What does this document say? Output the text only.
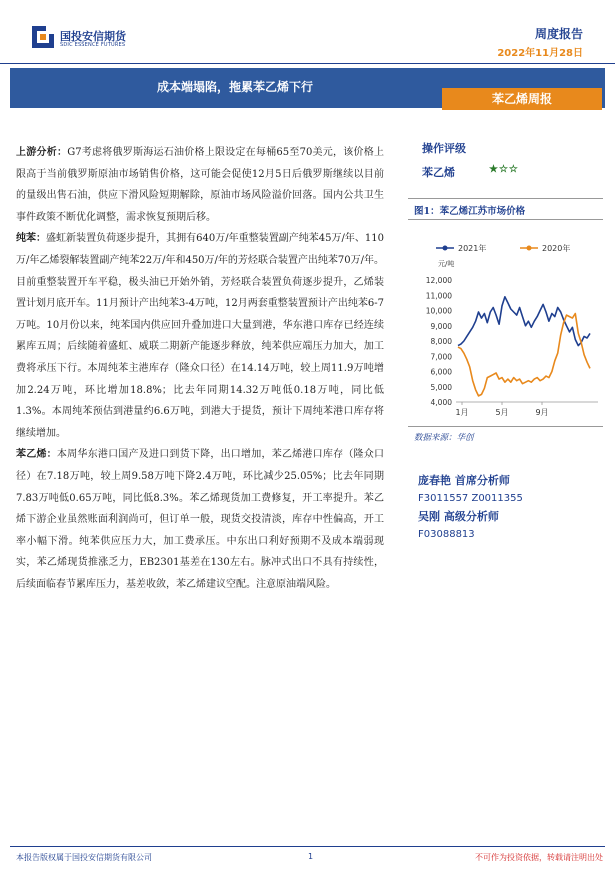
国投安信期货
SDIC ESSENCE FUTURES
周度报告
2022年11月28日
成本端塌陷，拖累苯乙烯下行
苯乙烯周报

上游分析：G7考虑将俄罗斯海运石油价格上限设定在每桶65至70美元，该价格上限高于当前俄罗斯原油市场销售价格，这可能会促使12月5日后俄罗斯继续以目前的量级出售石油，供应下滑风险短期解除，原油市场风险溢价回落。国内公共卫生事件政策不断优化调整，需求恢复预期后移。

纯苯：盛虹新装置负荷逐步提升，其拥有640万/年重整装置副产纯苯45万/年、110万/年乙烯裂解装置副产纯苯22万/年和450万/年的芳烃联合装置产出纯苯70万/年。目前重整装置开车平稳，极头油已开始外销，芳烃联合装置负荷逐步提升，乙烯装置计划月底开车。11月预计产出纯苯3-4万吨，12月两套重整装置预计产出纯苯6-7万吨。10月份以来，纯苯国内供应回升叠加进口大量到港，华东港口库存已经连续累库五周；后续随着盛虹、威联二期新产能逐步释放，纯苯供应端压力加大，加工费将承压下行。本周纯苯主港库存（隆众口径）在14.14万吨，较上周11.9万吨增加2.24万吨，环比增加18.8%；比去年同期14.32万吨低0.18万吨，同比低1.3%。本周纯苯预估到港量约6.6万吨，到港大于提货，预计下周纯苯港口库存将继续增加。

苯乙烯：本周华东港口国产及进口到货下降，出口增加，苯乙烯港口库存（隆众口径）在7.18万吨，较上周9.58万吨下降2.4万吨，环比减少25.05%；比去年同期7.83万吨低0.65万吨，同比低8.3%。苯乙烯现货加工费修复，开工率提升。苯乙烯下游企业虽然账面利润尚可，但订单一般，现货交投清淡，库存中性偏高，开工率小幅下滑。纯苯供应压力大，加工费承压。中东出口利好预期不及成本端弱现实，苯乙烯现货推涨乏力，EB2301基差在130左右。脉冲式出口不具有持续性，后续面临春节累库压力，基差收敛，苯乙烯建议空配。注意原油端风险。

操作评级
苯乙烯	★☆☆
图1：苯乙烯江苏市场价格
2021年	2020年
元/吨
4,000
5,000
6,000
7,000
8,000
9,000
10,000
11,000
12,000
1月	5月	9月
数据来源：华创
庞春艳 首席分析师
F3011557 Z0011355
吴刚 高级分析师
F03088813
本报告版权属于国投安信期货有限公司	1	不可作为投资依据，转载请注明出处
